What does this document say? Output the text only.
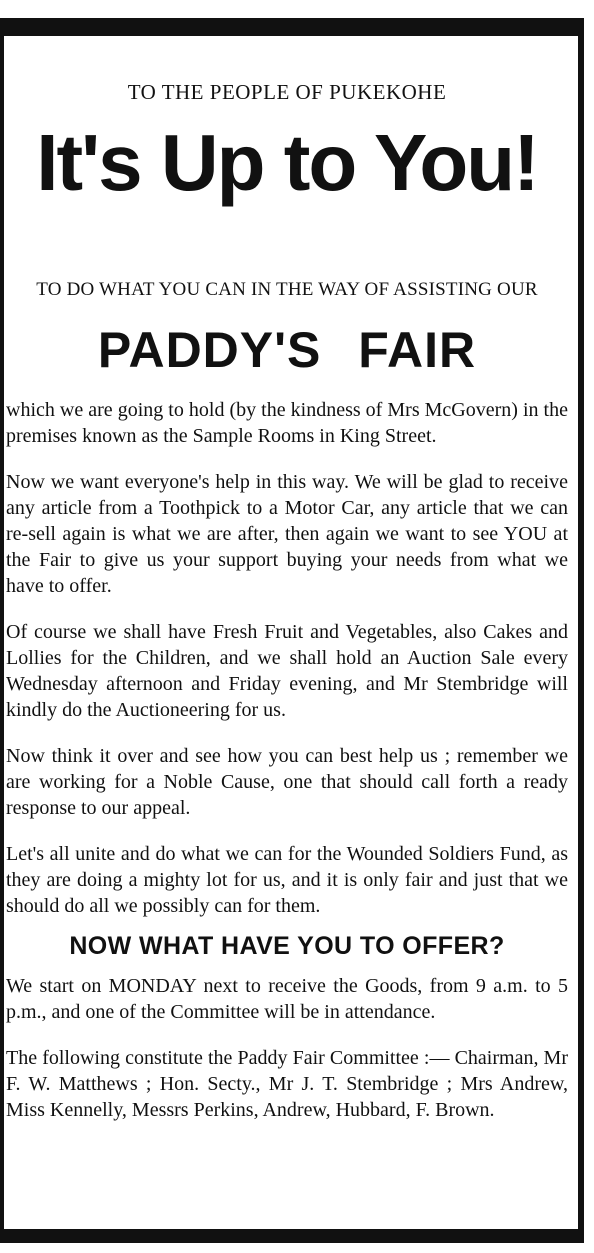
TO THE PEOPLE OF PUKEKOHE

It's Up to You!

TO DO WHAT YOU CAN IN THE WAY OF ASSISTING OUR

PADDY'S FAIR

which we are going to hold (by the kindness of Mrs McGovern) in the premises known as the Sample Rooms in King Street.

Now we want everyone's help in this way. We will be glad to receive any article from a Toothpick to a Motor Car, any article that we can re-sell again is what we are after, then again we want to see YOU at the Fair to give us your support buying your needs from what we have to offer.

Of course we shall have Fresh Fruit and Vegetables, also Cakes and Lollies for the Children, and we shall hold an Auction Sale every Wednesday afternoon and Friday evening, and Mr Stembridge will kindly do the Auctioneering for us.

Now think it over and see how you can best help us ; remember we are working for a Noble Cause, one that should call forth a ready response to our appeal.

Let's all unite and do what we can for the Wounded Soldiers Fund, as they are doing a mighty lot for us, and it is only fair and just that we should do all we possibly can for them.

NOW WHAT HAVE YOU TO OFFER?

We start on MONDAY next to receive the Goods, from 9 a.m. to 5 p.m., and one of the Committee will be in attendance.

The following constitute the Paddy Fair Committee :— Chairman, Mr F. W. Matthews ; Hon. Secty., Mr J. T. Stembridge ; Mrs Andrew, Miss Kennelly, Messrs Perkins, Andrew, Hubbard, F. Brown.
